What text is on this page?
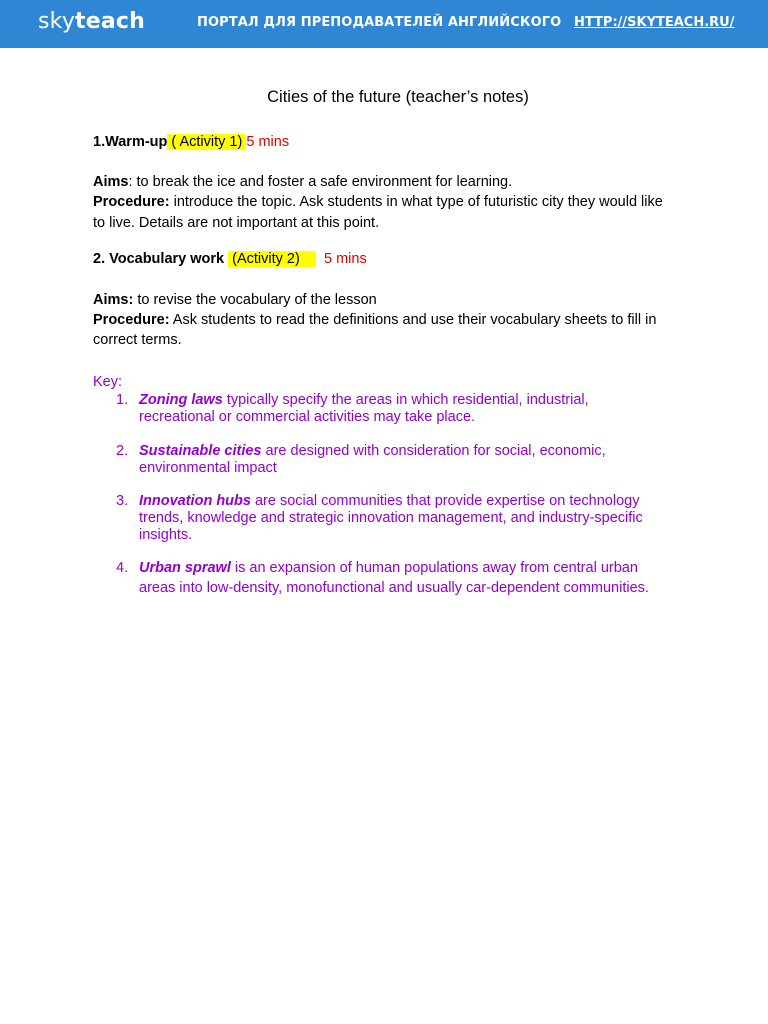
skyteach	ПОРТАЛ ДЛЯ ПРЕПОДАВАТЕЛЕЙ АНГЛИЙСКОГО HTTP://SKYTEACH.RU/
Cities of the future (teacher’s notes)
1.Warm-up ( Activity 1) 5 mins
Aims: to break the ice and foster a safe environment for learning.
Procedure: introduce the topic. Ask students in what type of futuristic city they would like
to live. Details are not important at this point.
2. Vocabulary work  (Activity 2)     5 mins
Aims: to revise the vocabulary of the lesson
Procedure: Ask students to read the definitions and use their vocabulary sheets to fill in
correct terms.
Key:
1. Zoning laws typically specify the areas in which residential, industrial,
recreational or commercial activities may take place.
2. Sustainable cities are designed with consideration for social, economic,
environmental impact
3. Innovation hubs are social communities that provide expertise on technology
trends, knowledge and strategic innovation management, and industry-specific
insights.
4. Urban sprawl is an expansion of human populations away from central urban
areas into low-density, monofunctional and usually car-dependent communities.
